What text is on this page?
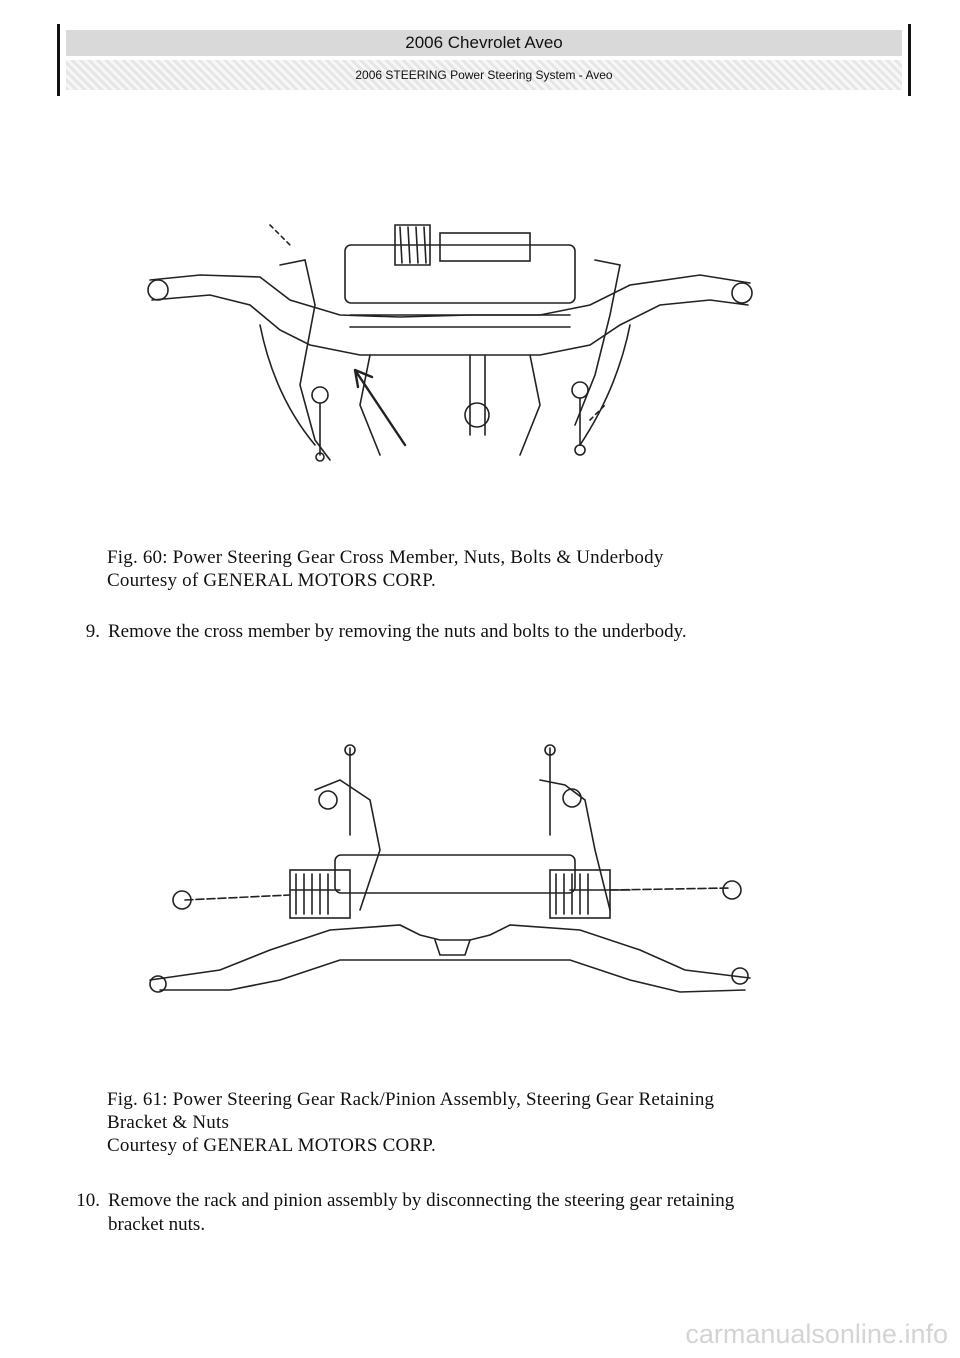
2006 Chevrolet Aveo
2006 STEERING Power Steering System - Aveo
Fig. 60: Power Steering Gear Cross Member, Nuts, Bolts & Underbody
Courtesy of GENERAL MOTORS CORP.
9. Remove the cross member by removing the nuts and bolts to the underbody.
Fig. 61: Power Steering Gear Rack/Pinion Assembly, Steering Gear Retaining
Bracket & Nuts
Courtesy of GENERAL MOTORS CORP.
10. Remove the rack and pinion assembly by disconnecting the steering gear retaining
bracket nuts.
carmanualsonline.info
